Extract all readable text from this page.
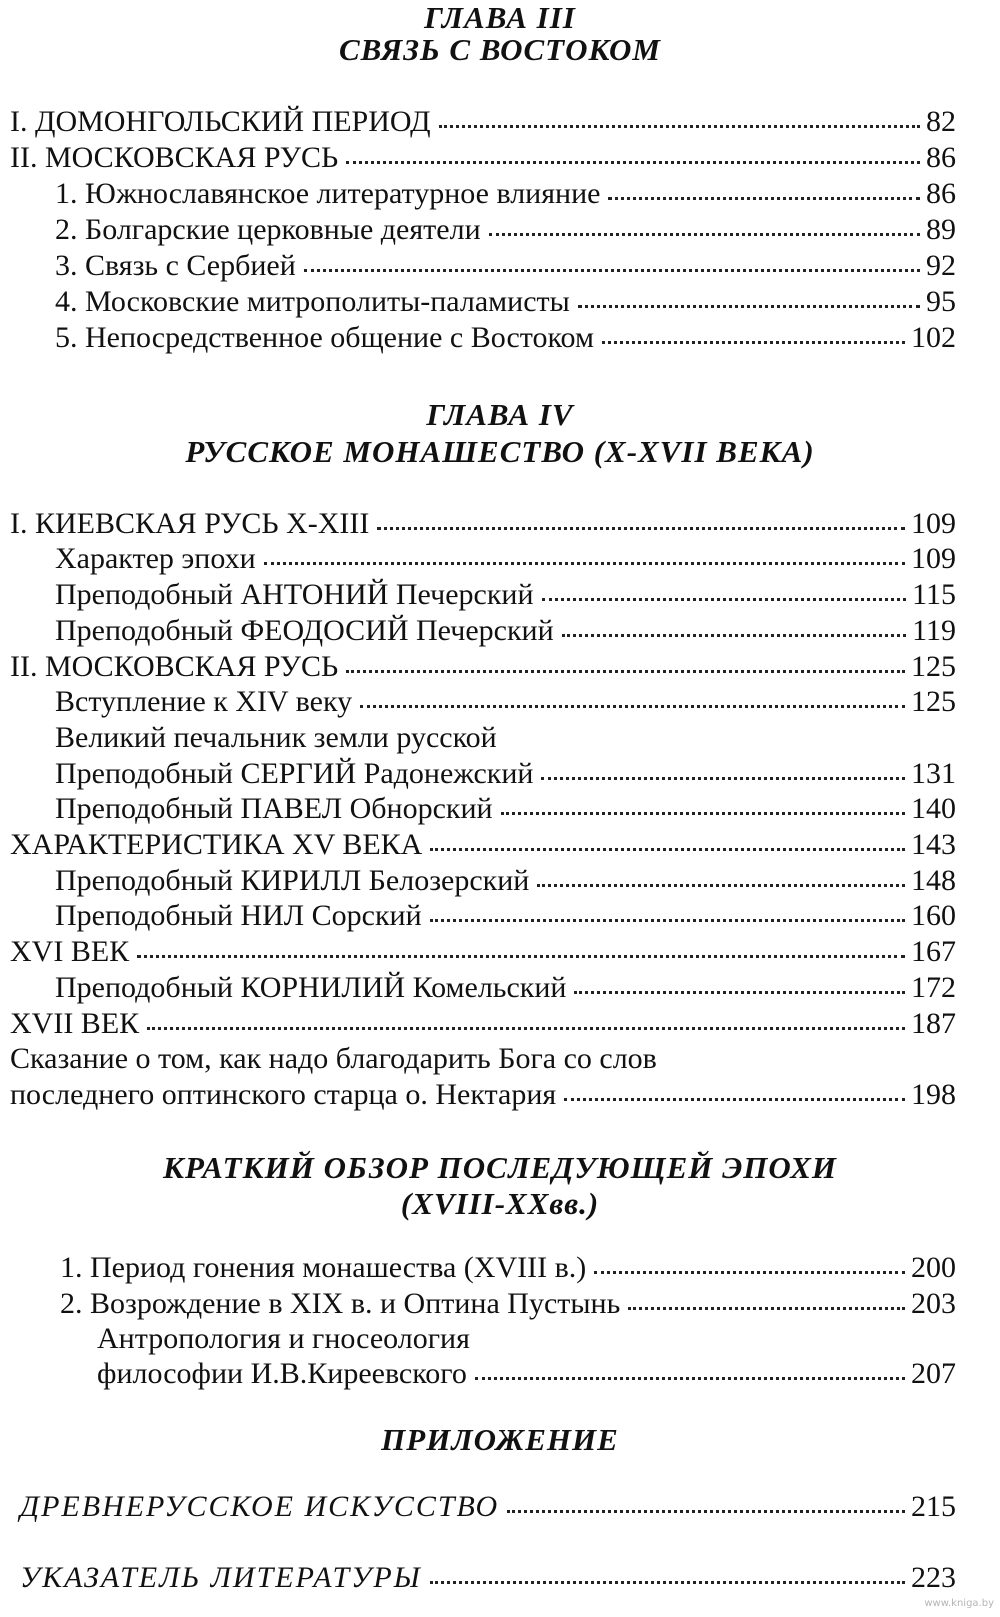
ГЛАВА III
СВЯЗЬ С ВОСТОКОМ
I. ДОМОНГОЛЬСКИЙ ПЕРИОД	82
II. МОСКОВСКАЯ РУСЬ	86
1. Южнославянское литературное влияние	86
2. Болгарские церковные деятели	89
3. Связь с Сербией	92
4. Московские митрополиты-паламисты	95
5. Непосредственное общение с Востоком	102
ГЛАВА IV
РУССКОЕ МОНАШЕСТВО (X-XVII ВЕКА)
I. КИЕВСКАЯ РУСЬ X-XIII	109
Характер эпохи	109
Преподобный АНТОНИЙ Печерский	115
Преподобный ФЕОДОСИЙ Печерский	119
II. МОСКОВСКАЯ РУСЬ	125
Вступление к XIV веку	125
Великий печальник земли русской
Преподобный СЕРГИЙ Радонежский	131
Преподобный ПАВЕЛ Обнорский	140
ХАРАКТЕРИСТИКА XV ВЕКА	143
Преподобный КИРИЛЛ Белозерский	148
Преподобный НИЛ Сорский	160
XVI ВЕК	167
Преподобный КОРНИЛИЙ Комельский	172
XVII ВЕК	187
Сказание о том, как надо благодарить Бога со слов
последнего оптинского старца о. Нектария	198
КРАТКИЙ ОБЗОР ПОСЛЕДУЮЩЕЙ ЭПОХИ
(XVIII-XXвв.)
1. Период гонения монашества (XVIII в.)	200
2. Возрождение в XIX в. и Оптина Пустынь	203
Антропология и гносеология
философии И.В.Киреевского	207
ПРИЛОЖЕНИЕ
ДРЕВНЕРУССКОЕ ИСКУССТВО	215
УКАЗАТЕЛЬ ЛИТЕРАТУРЫ	223
www.kniga.by
